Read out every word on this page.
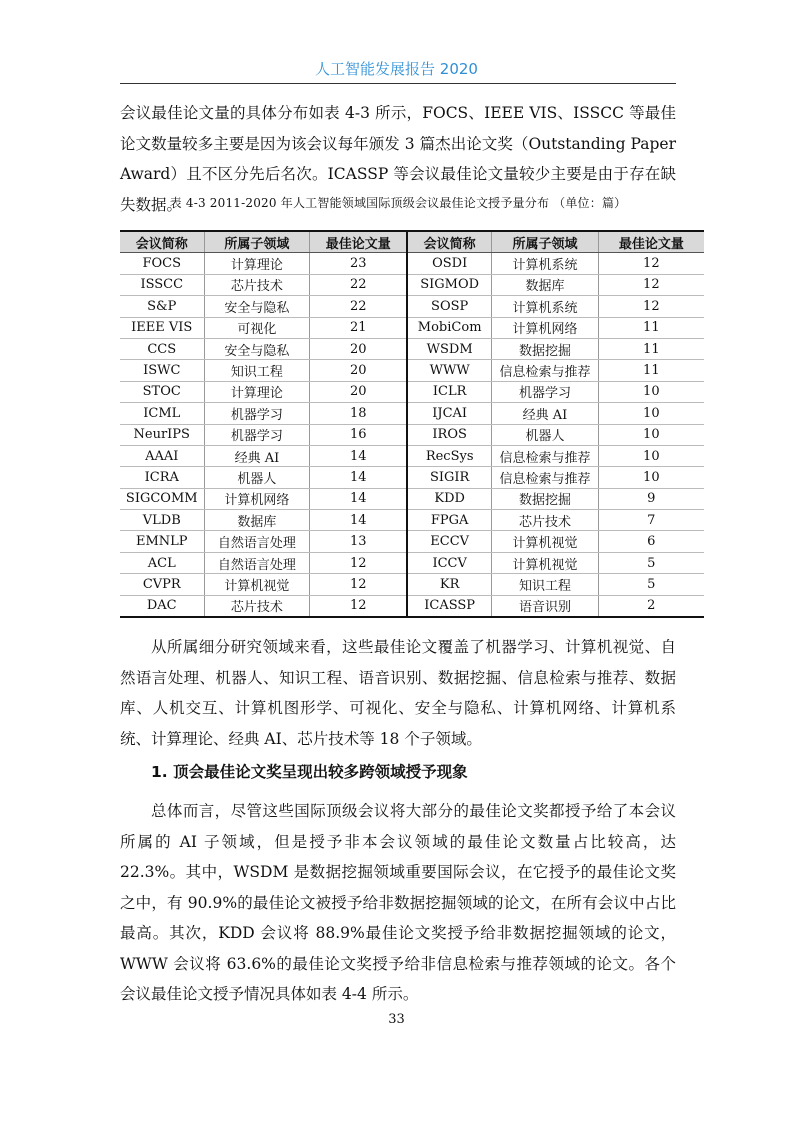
人工智能发展报告 2020

会议最佳论文量的具体分布如表 4-3 所示，FOCS、IEEE VIS、ISSCC 等最佳论文数量较多主要是因为该会议每年颁发 3 篇杰出论文奖（Outstanding Paper Award）且不区分先后名次。ICASSP 等会议最佳论文量较少主要是由于存在缺失数据。

表 4-3 2011-2020 年人工智能领域国际顶级会议最佳论文授予量分布 （单位：篇）
会议简称	所属子领域	最佳论文量	会议简称	所属子领域	最佳论文量
FOCS	计算理论	23	OSDI	计算机系统	12
ISSCC	芯片技术	22	SIGMOD	数据库	12
S&P	安全与隐私	22	SOSP	计算机系统	12
IEEE VIS	可视化	21	MobiCom	计算机网络	11
CCS	安全与隐私	20	WSDM	数据挖掘	11
ISWC	知识工程	20	WWW	信息检索与推荐	11
STOC	计算理论	20	ICLR	机器学习	10
ICML	机器学习	18	IJCAI	经典 AI	10
NeurIPS	机器学习	16	IROS	机器人	10
AAAI	经典 AI	14	RecSys	信息检索与推荐	10
ICRA	机器人	14	SIGIR	信息检索与推荐	10
SIGCOMM	计算机网络	14	KDD	数据挖掘	9
VLDB	数据库	14	FPGA	芯片技术	7
EMNLP	自然语言处理	13	ECCV	计算机视觉	6
ACL	自然语言处理	12	ICCV	计算机视觉	5
CVPR	计算机视觉	12	KR	知识工程	5
DAC	芯片技术	12	ICASSP	语音识别	2

从所属细分研究领域来看，这些最佳论文覆盖了机器学习、计算机视觉、自然语言处理、机器人、知识工程、语音识别、数据挖掘、信息检索与推荐、数据库、人机交互、计算机图形学、可视化、安全与隐私、计算机网络、计算机系统、计算理论、经典 AI、芯片技术等 18 个子领域。

1. 顶会最佳论文奖呈现出较多跨领域授予现象

总体而言，尽管这些国际顶级会议将大部分的最佳论文奖都授予给了本会议所属的 AI 子领域，但是授予非本会议领域的最佳论文数量占比较高，达 22.3%。其中，WSDM 是数据挖掘领域重要国际会议，在它授予的最佳论文奖之中，有 90.9%的最佳论文被授予给非数据挖掘领域的论文，在所有会议中占比最高。其次，KDD 会议将 88.9%最佳论文奖授予给非数据挖掘领域的论文，WWW 会议将 63.6%的最佳论文奖授予给非信息检索与推荐领域的论文。各个会议最佳论文授予情况具体如表 4-4 所示。

33
